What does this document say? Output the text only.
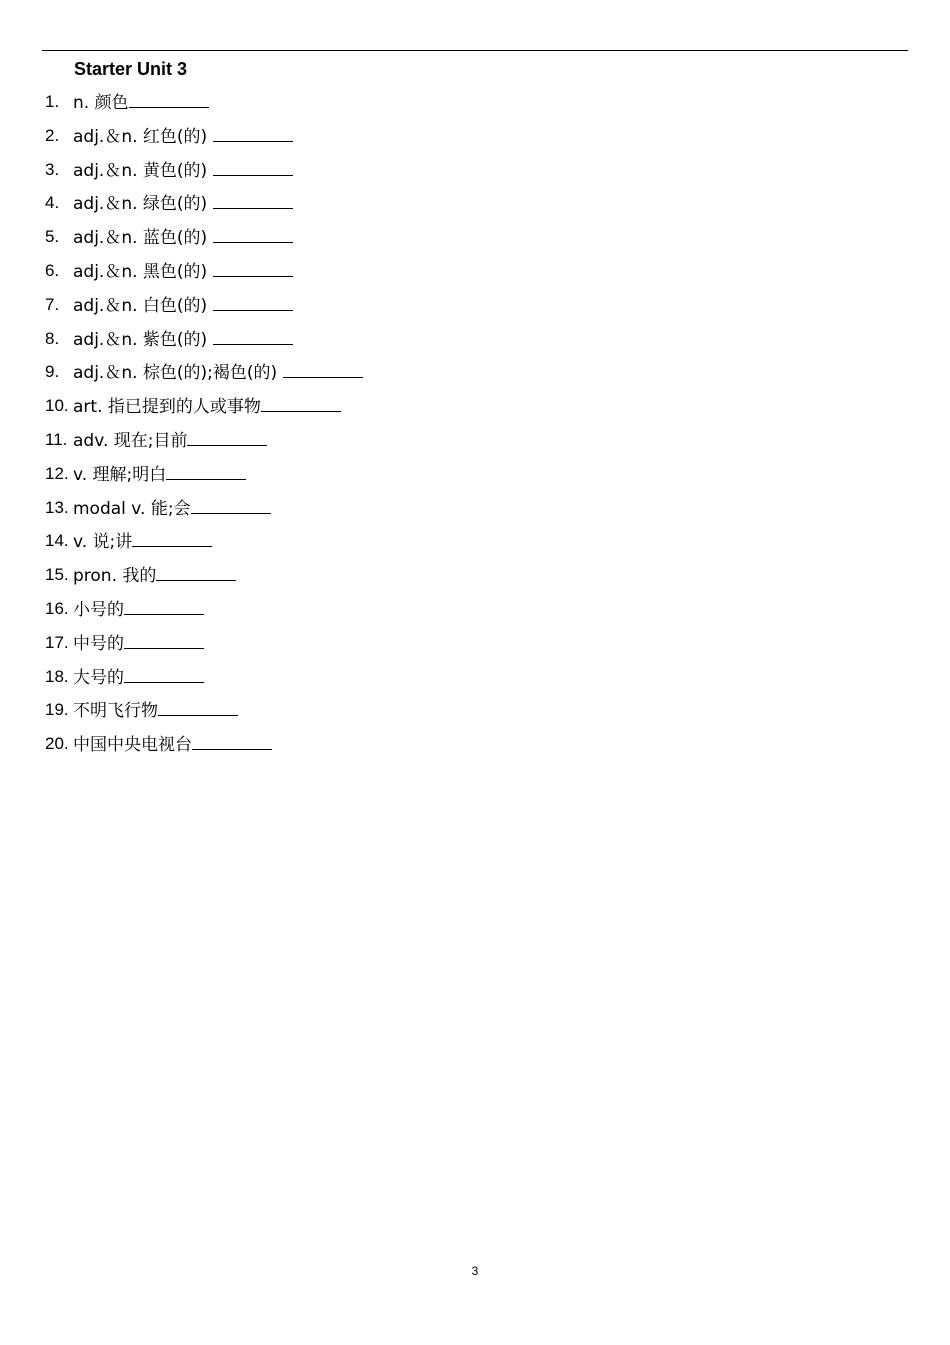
Starter Unit 3
1. n. 颜色
2. adj.＆n. 红色(的)
3. adj.＆n. 黄色(的)
4. adj.＆n. 绿色(的)
5. adj.＆n. 蓝色(的)
6. adj.＆n. 黑色(的)
7. adj.＆n. 白色(的)
8. adj.＆n. 紫色(的)
9. adj.＆n. 棕色(的);褐色(的)
10. art. 指已提到的人或事物
11. adv. 现在;目前
12. v. 理解;明白
13. modal v. 能;会
14. v. 说;讲
15. pron. 我的
16. 小号的
17. 中号的
18. 大号的
19. 不明飞行物
20. 中国中央电视台
3
